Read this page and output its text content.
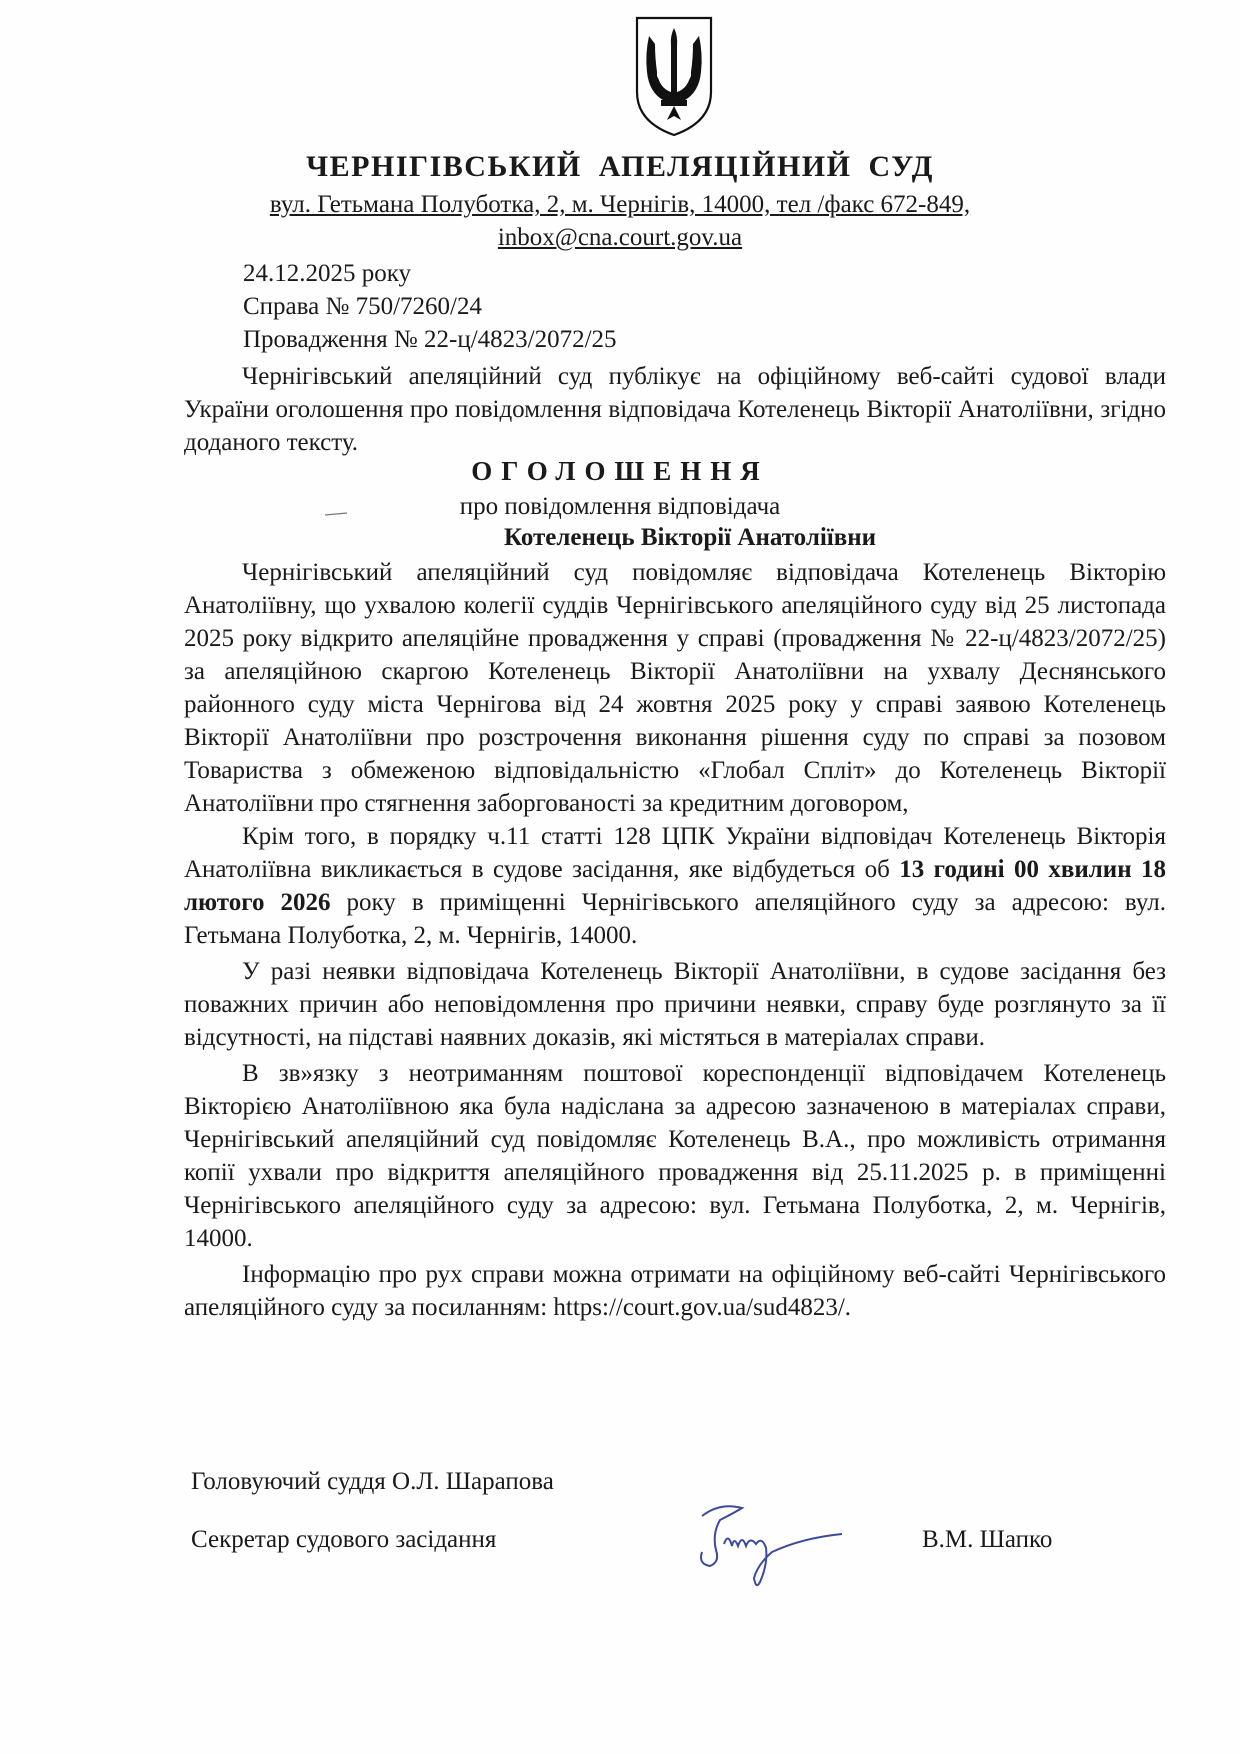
ЧЕРНІГІВСЬКИЙ АПЕЛЯЦІЙНИЙ СУД
вул. Гетьмана Полуботка, 2, м. Чернігів, 14000, тел /факс 672-849,
inbox@cna.court.gov.ua
24.12.2025 року
Справа № 750/7260/24
Провадження № 22-ц/4823/2072/25
Чернігівський апеляційний суд публікує на офіційному веб-сайті судової влади України оголошення про повідомлення відповідача Котеленець Вікторії Анатоліївни, згідно доданого тексту.
ОГОЛОШЕННЯ
про повідомлення відповідача
Котеленець Вікторії Анатоліївни

Чернігівський апеляційний суд повідомляє відповідача Котеленець Вікторію Анатоліївну, що ухвалою колегії суддів Чернігівського апеляційного суду від 25 листопада 2025 року відкрито апеляційне провадження у справі (провадження № 22-ц/4823/2072/25) за апеляційною скаргою Котеленець Вікторії Анатоліївни на ухвалу Деснянського районного суду міста Чернігова від 24 жовтня 2025 року у справі заявою Котеленець Вікторії Анатоліївни про розстрочення виконання рішення суду по справі за позовом Товариства з обмеженою відповідальністю «Глобал Спліт» до Котеленець Вікторії Анатоліївни про стягнення заборгованості за кредитним договором,

Крім того, в порядку ч.11 статті 128 ЦПК України відповідач Котеленець Вікторія Анатоліївна викликається в судове засідання, яке відбудеться об 13 годині 00 хвилин 18 лютого 2026 року в приміщенні Чернігівського апеляційного суду за адресою: вул. Гетьмана Полуботка, 2, м. Чернігів, 14000.

У разі неявки відповідача Котеленець Вікторії Анатоліївни, в судове засідання без поважних причин або неповідомлення про причини неявки, справу буде розглянуто за її відсутності, на підставі наявних доказів, які містяться в матеріалах справи.

В зв»язку з неотриманням поштової кореспонденції відповідачем Котеленець Вікторією Анатоліївною яка була надіслана за адресою зазначеною в матеріалах справи, Чернігівський апеляційний суд повідомляє Котеленець В.А., про можливість отримання копії ухвали про відкриття апеляційного провадження від 25.11.2025 р. в приміщенні Чернігівського апеляційного суду за адресою: вул. Гетьмана Полуботка, 2, м. Чернігів, 14000.

Інформацію про рух справи можна отримати на офіційному веб-сайті Чернігівського апеляційного суду за посиланням: https://court.gov.ua/sud4823/.

Головуючий суддя О.Л. Шарапова
Секретар судового засідання	В.М. Шапко
